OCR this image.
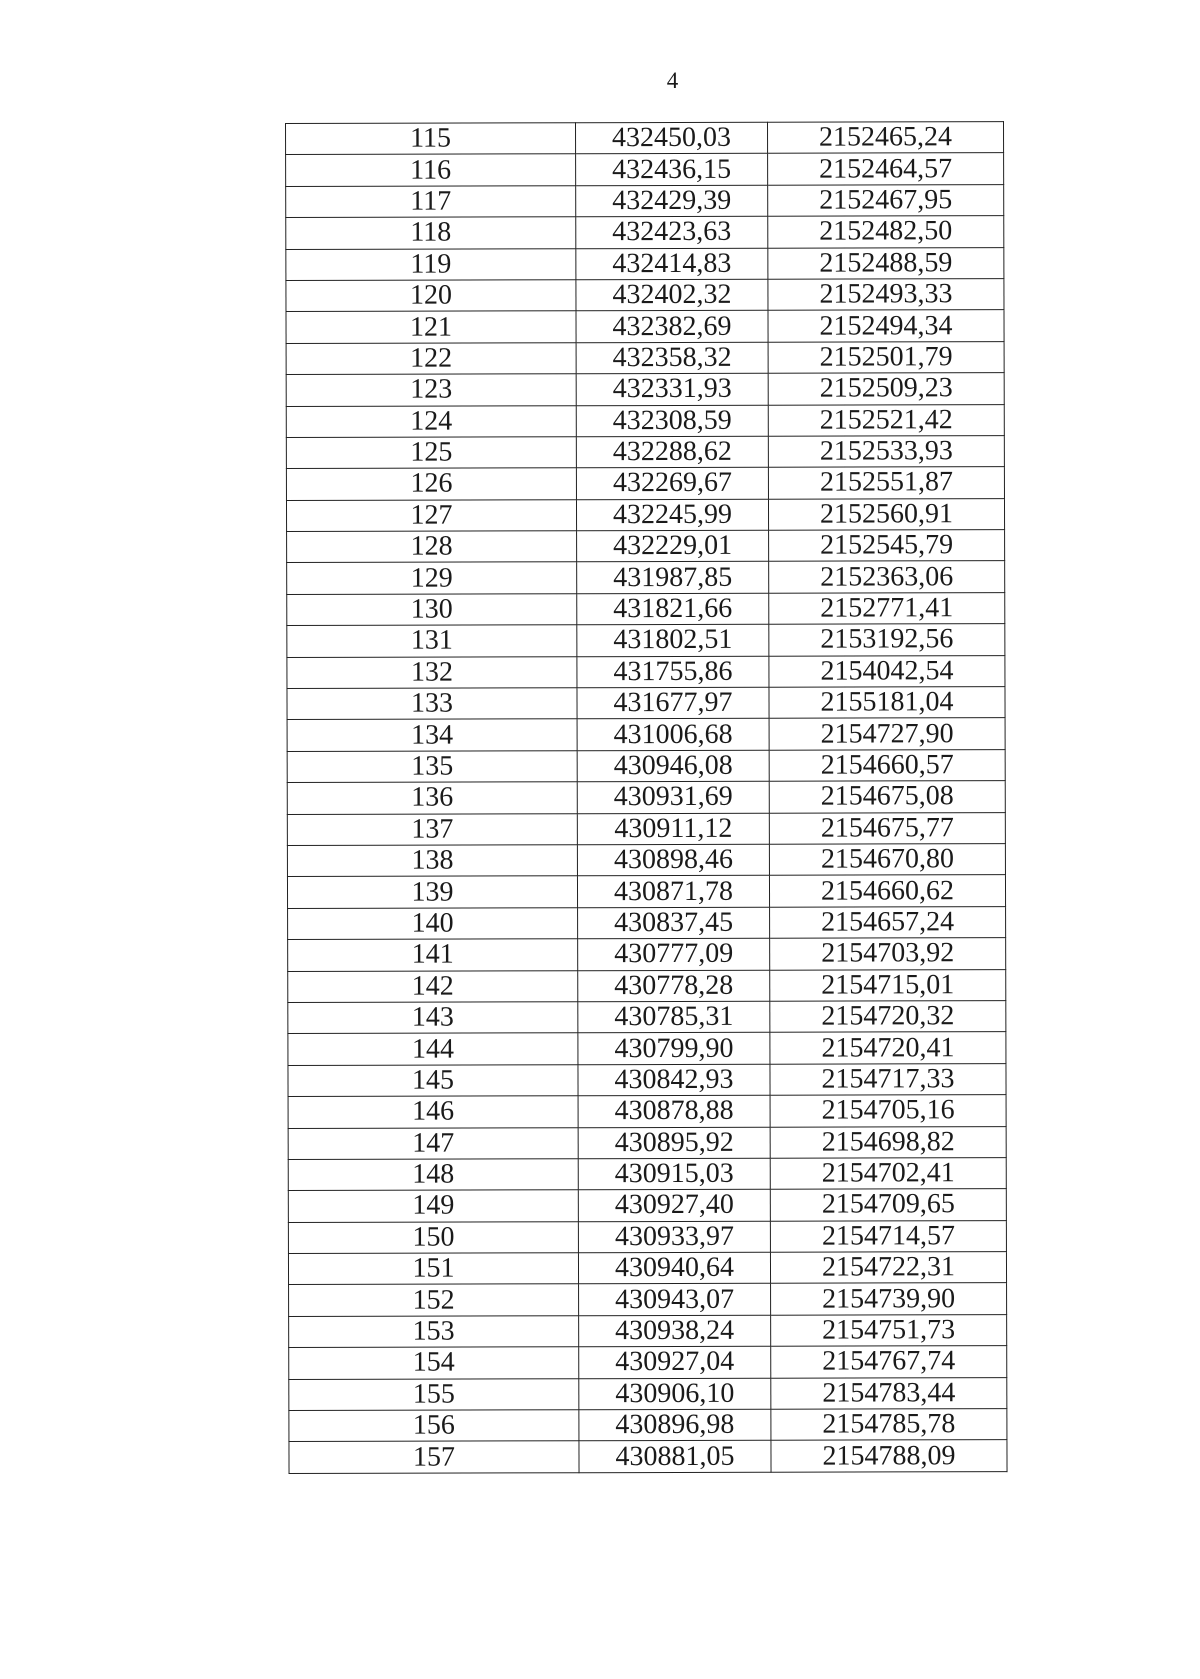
4
115	432450,03	2152465,24
116	432436,15	2152464,57
117	432429,39	2152467,95
118	432423,63	2152482,50
119	432414,83	2152488,59
120	432402,32	2152493,33
121	432382,69	2152494,34
122	432358,32	2152501,79
123	432331,93	2152509,23
124	432308,59	2152521,42
125	432288,62	2152533,93
126	432269,67	2152551,87
127	432245,99	2152560,91
128	432229,01	2152545,79
129	431987,85	2152363,06
130	431821,66	2152771,41
131	431802,51	2153192,56
132	431755,86	2154042,54
133	431677,97	2155181,04
134	431006,68	2154727,90
135	430946,08	2154660,57
136	430931,69	2154675,08
137	430911,12	2154675,77
138	430898,46	2154670,80
139	430871,78	2154660,62
140	430837,45	2154657,24
141	430777,09	2154703,92
142	430778,28	2154715,01
143	430785,31	2154720,32
144	430799,90	2154720,41
145	430842,93	2154717,33
146	430878,88	2154705,16
147	430895,92	2154698,82
148	430915,03	2154702,41
149	430927,40	2154709,65
150	430933,97	2154714,57
151	430940,64	2154722,31
152	430943,07	2154739,90
153	430938,24	2154751,73
154	430927,04	2154767,74
155	430906,10	2154783,44
156	430896,98	2154785,78
157	430881,05	2154788,09
